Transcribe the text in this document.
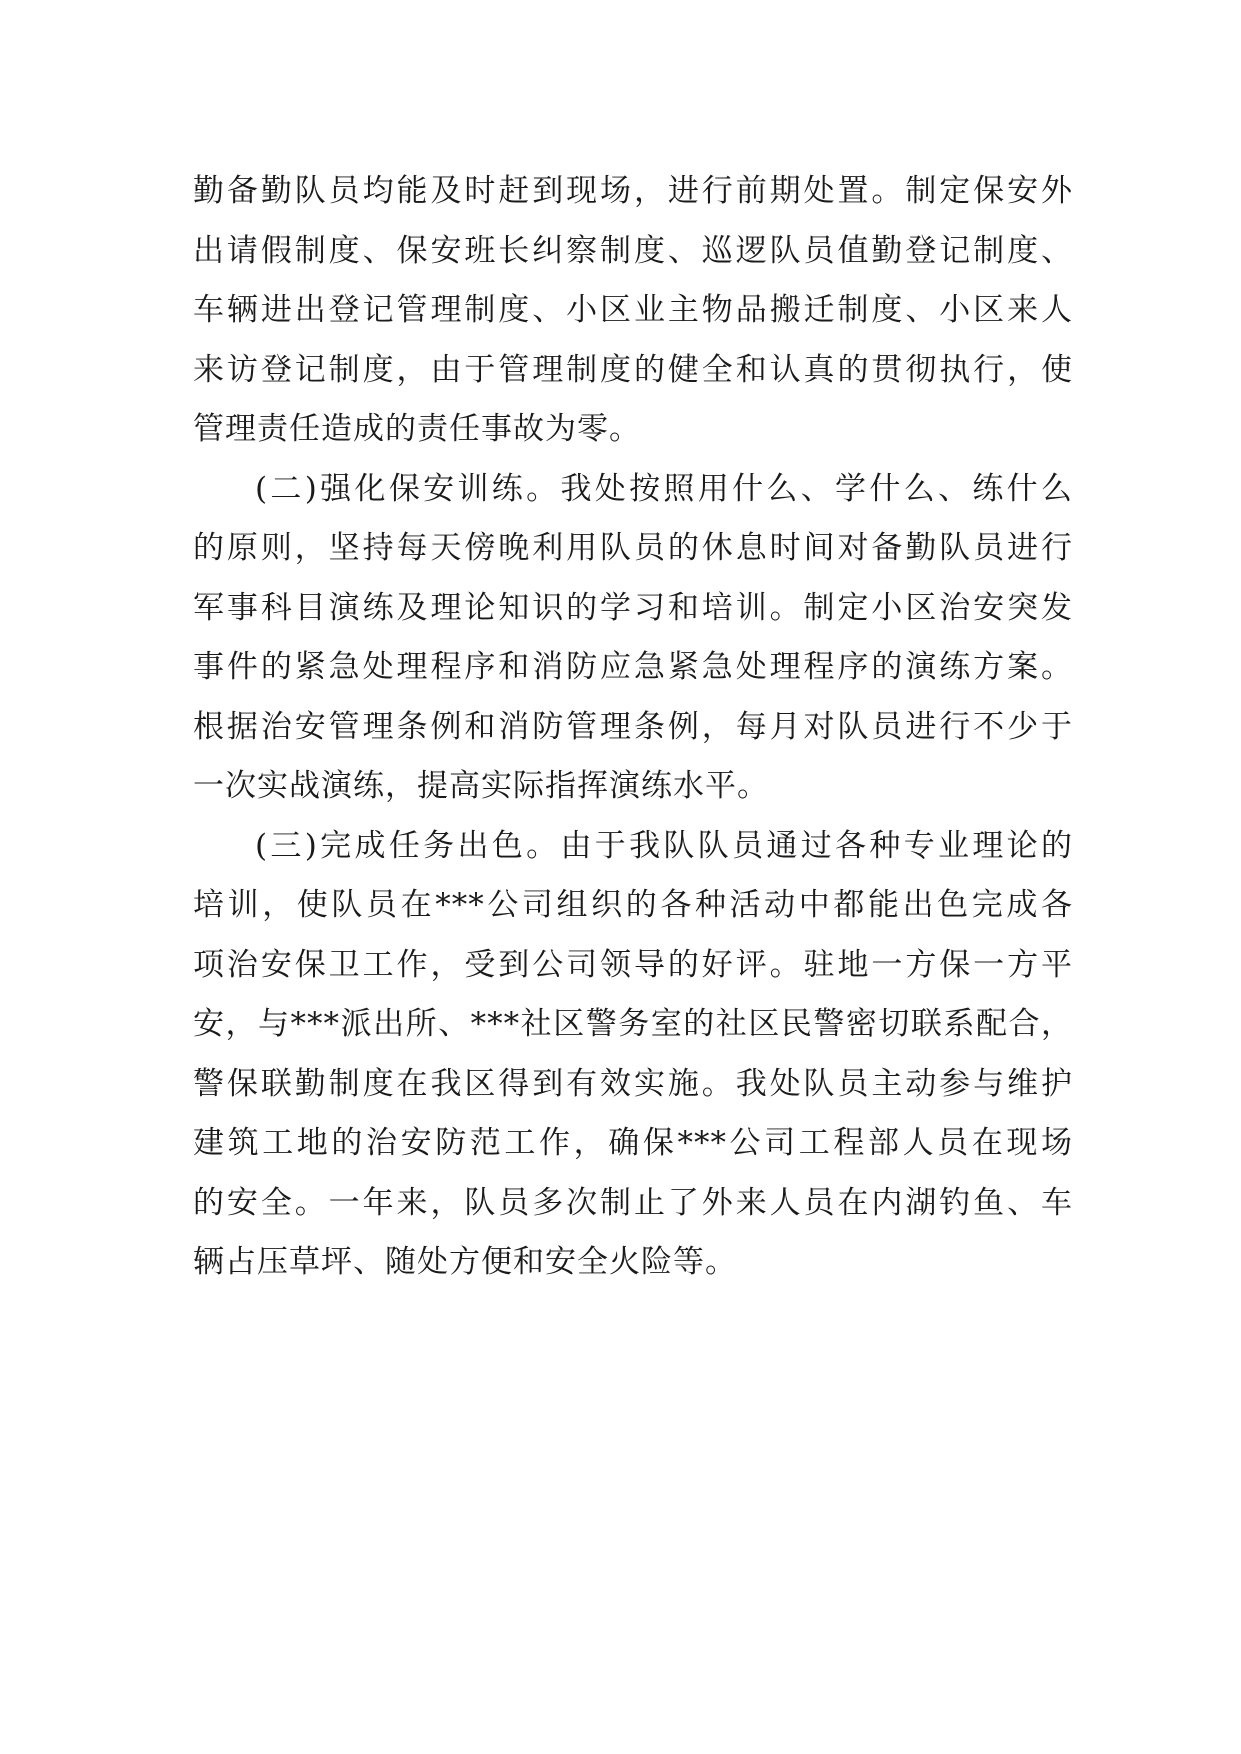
勤备勤队员均能及时赶到现场，进行前期处置。制定保安外
出请假制度、保安班长纠察制度、巡逻队员值勤登记制度、
车辆进出登记管理制度、小区业主物品搬迁制度、小区来人
来访登记制度，由于管理制度的健全和认真的贯彻执行，使
管理责任造成的责任事故为零。
(二)强化保安训练。我处按照用什么、学什么、练什么
的原则，坚持每天傍晚利用队员的休息时间对备勤队员进行
军事科目演练及理论知识的学习和培训。制定小区治安突发
事件的紧急处理程序和消防应急紧急处理程序的演练方案。
根据治安管理条例和消防管理条例，每月对队员进行不少于
一次实战演练，提高实际指挥演练水平。
(三)完成任务出色。由于我队队员通过各种专业理论的
培训，使队员在***公司组织的各种活动中都能出色完成各
项治安保卫工作，受到公司领导的好评。驻地一方保一方平
安，与***派出所、***社区警务室的社区民警密切联系配合，
警保联勤制度在我区得到有效实施。我处队员主动参与维护
建筑工地的治安防范工作，确保***公司工程部人员在现场
的安全。一年来，队员多次制止了外来人员在内湖钓鱼、车
辆占压草坪、随处方便和安全火险等。
